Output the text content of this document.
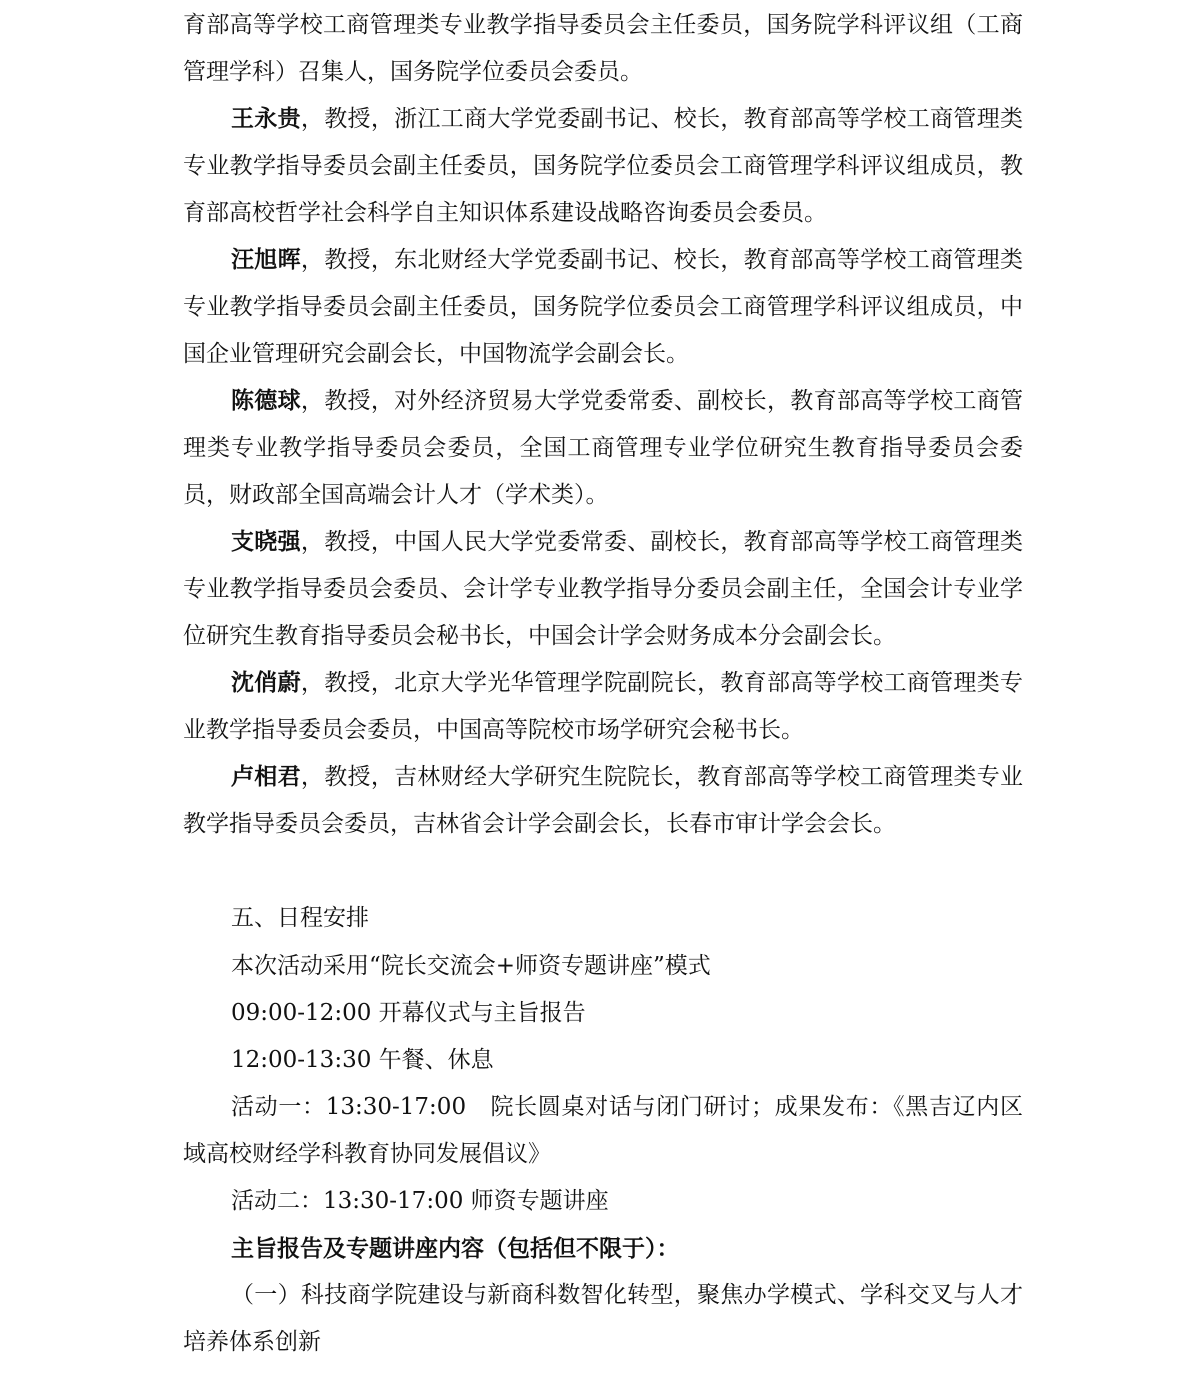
育部高等学校工商管理类专业教学指导委员会主任委员，国务院学科评议组（工商管理学科）召集人，国务院学位委员会委员。

王永贵，教授，浙江工商大学党委副书记、校长，教育部高等学校工商管理类专业教学指导委员会副主任委员，国务院学位委员会工商管理学科评议组成员，教育部高校哲学社会科学自主知识体系建设战略咨询委员会委员。

汪旭晖，教授，东北财经大学党委副书记、校长，教育部高等学校工商管理类专业教学指导委员会副主任委员，国务院学位委员会工商管理学科评议组成员，中国企业管理研究会副会长，中国物流学会副会长。

陈德球，教授，对外经济贸易大学党委常委、副校长，教育部高等学校工商管理类专业教学指导委员会委员，全国工商管理专业学位研究生教育指导委员会委员，财政部全国高端会计人才（学术类）。

支晓强，教授，中国人民大学党委常委、副校长，教育部高等学校工商管理类专业教学指导委员会委员、会计学专业教学指导分委员会副主任，全国会计专业学位研究生教育指导委员会秘书长，中国会计学会财务成本分会副会长。

沈俏蔚，教授，北京大学光华管理学院副院长，教育部高等学校工商管理类专业教学指导委员会委员，中国高等院校市场学研究会秘书长。

卢相君，教授，吉林财经大学研究生院院长，教育部高等学校工商管理类专业教学指导委员会委员，吉林省会计学会副会长，长春市审计学会会长。

五、日程安排

本次活动采用“院长交流会+师资专题讲座”模式

09:00-12:00 开幕仪式与主旨报告

12:00-13:30 午餐、休息

活动一：13:30-17:00　院长圆桌对话与闭门研讨；成果发布：《黑吉辽内区域高校财经学科教育协同发展倡议》

活动二：13:30-17:00 师资专题讲座

主旨报告及专题讲座内容（包括但不限于）：

（一）科技商学院建设与新商科数智化转型，聚焦办学模式、学科交叉与人才培养体系创新
